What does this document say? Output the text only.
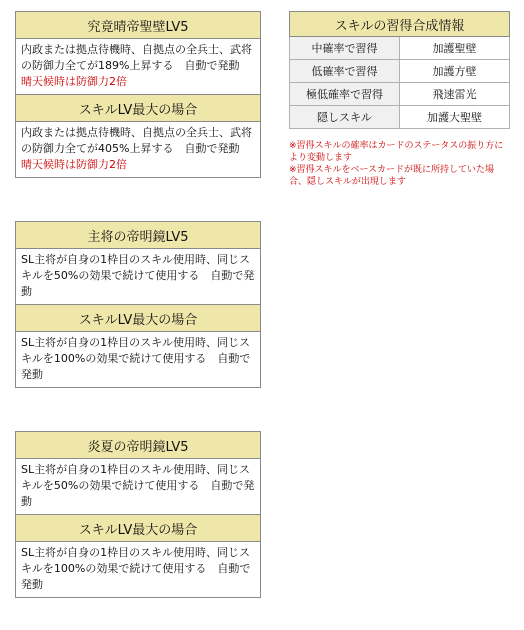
究竟晴帝聖壁LV5
内政または拠点待機時、自拠点の全兵士、武将の防御力全てが189%上昇する　自動で発動
晴天候時は防御力2倍
スキルLV最大の場合
内政または拠点待機時、自拠点の全兵士、武将の防御力全てが405%上昇する　自動で発動
晴天候時は防御力2倍
主将の帝明鏡LV5
SL主将が自身の1枠目のスキル使用時、同じスキルを50%の効果で続けて使用する　自動で発動
スキルLV最大の場合
SL主将が自身の1枠目のスキル使用時、同じスキルを100%の効果で続けて使用する　自動で発動
炎夏の帝明鏡LV5
SL主将が自身の1枠目のスキル使用時、同じスキルを50%の効果で続けて使用する　自動で発動
スキルLV最大の場合
SL主将が自身の1枠目のスキル使用時、同じスキルを100%の効果で続けて使用する　自動で発動
スキルの習得合成情報	
中確率で習得	加護聖壁
低確率で習得	加護方壁
極低確率で習得	飛速雷光
隠しスキル	加護大聖壁
※習得スキルの確率はカードのステータスの振り方により変動します
※習得スキルをベースカードが既に所持していた場合、隠しスキルが出現します
